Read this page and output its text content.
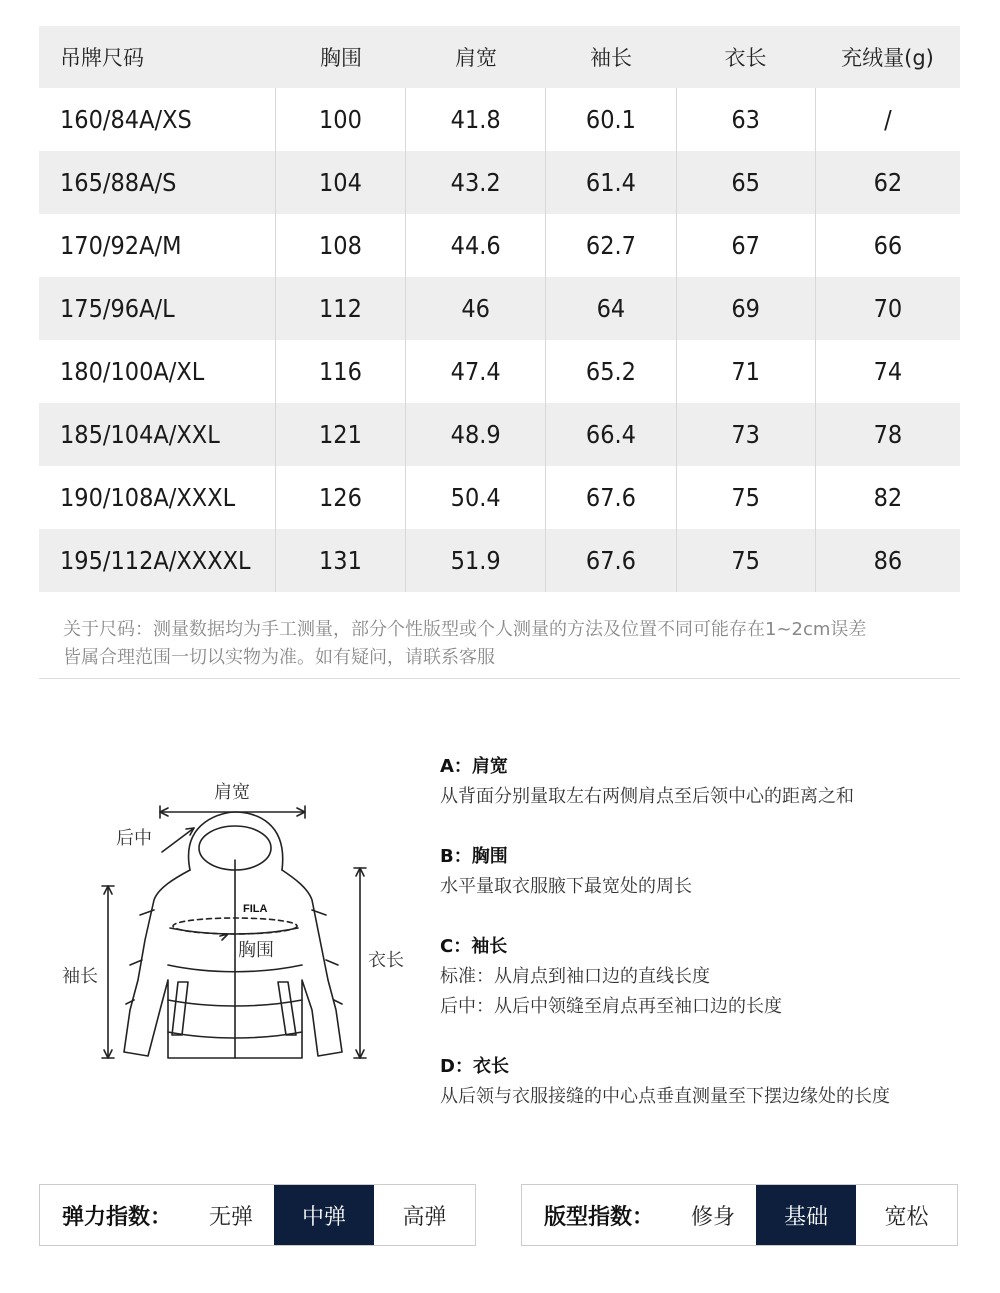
吊牌尺码	胸围	肩宽	袖长	衣长	充绒量(g)
160/84A/XS	100	41.8	60.1	63	/
165/88A/S	104	43.2	61.4	65	62
170/92A/M	108	44.6	62.7	67	66
175/96A/L	112	46	64	69	70
180/100A/XL	116	47.4	65.2	71	74
185/104A/XXL	121	48.9	66.4	73	78
190/108A/XXXL	126	50.4	67.6	75	82
195/112A/XXXXL	131	51.9	67.6	75	86
关于尺码：测量数据均为手工测量，部分个性版型或个人测量的方法及位置不同可能存在1~2cm误差
皆属合理范围一切以实物为准。如有疑问，请联系客服
FILA
肩宽
后中
胸围
袖长
衣长
A：肩宽
从背面分别量取左右两侧肩点至后领中心的距离之和
B：胸围
水平量取衣服腋下最宽处的周长
C：袖长
标准：从肩点到袖口边的直线长度
后中：从后中领缝至肩点再至袖口边的长度
D：衣长
从后领与衣服接缝的中心点垂直测量至下摆边缘处的长度
弹力指数：	无弹	中弹	高弹	版型指数：	修身	基础	宽松
